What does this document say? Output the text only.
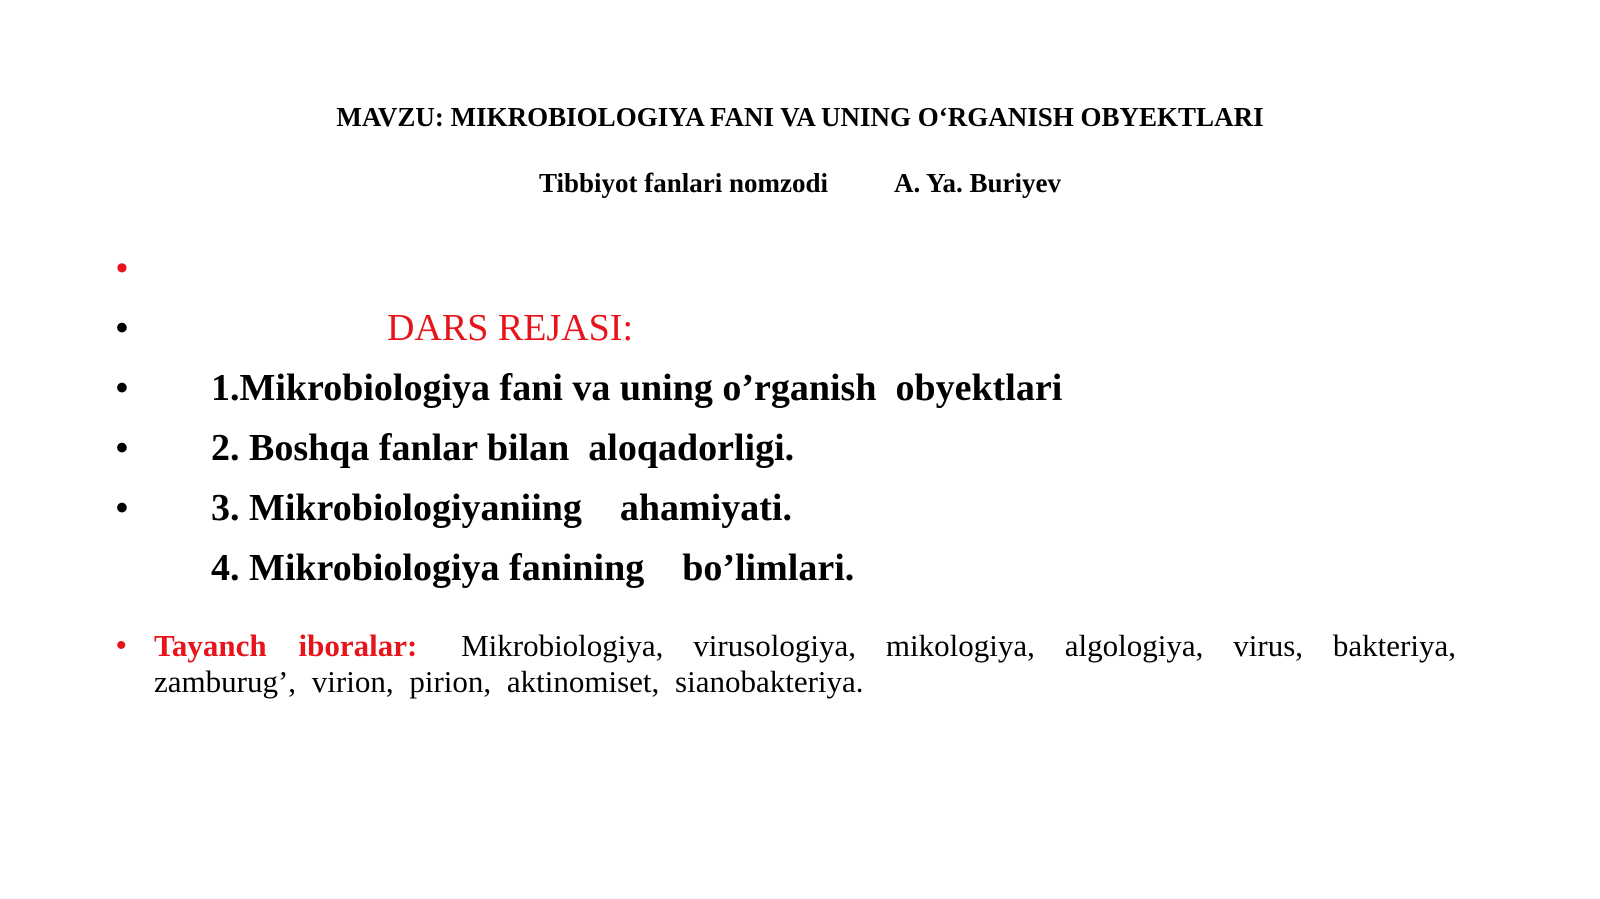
MAVZU: MIKROBIOLOGIYA FANI VA UNING O‘RGANISH OBYEKTLARI
Tibbiyot fanlari nomzodi A. Ya. Buriyev

•
DARS REJASI:

•
1.Mikrobiologiya fani va uning o’rganish  obyektlari

•
2. Boshqa fanlar bilan  aloqadorligi.

•
3. Mikrobiologiyaniing    ahamiyati.

•
4. Mikrobiologiya fanining    bo’limlari.

• Tayanch iboralar: Mikrobiologiya, virusologiya, mikologiya, algologiya, virus, bakteriya, zamburug’, virion, pirion, aktinomiset, sianobakteriya.
